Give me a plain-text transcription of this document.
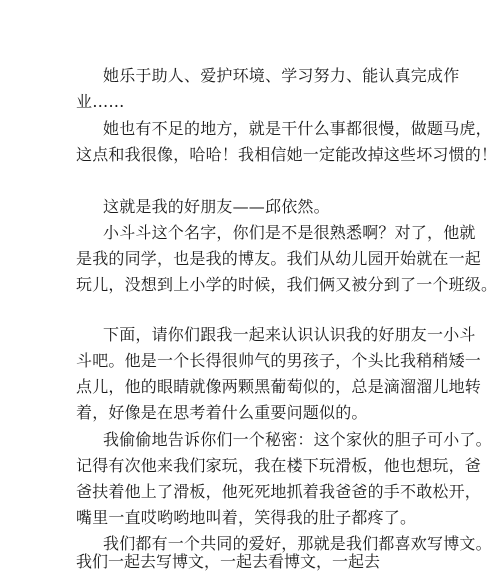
她乐于助人、爱护环境、学习努力、能认真完成作
业……
她也有不足的地方，就是干什么事都很慢，做题马虎，
这点和我很像，哈哈！我相信她一定能改掉这些坏习惯的！
这就是我的好朋友——邱依然。
小斗斗这个名字，你们是不是很熟悉啊？对了，他就
是我的同学，也是我的博友。我们从幼儿园开始就在一起
玩儿，没想到上小学的时候，我们俩又被分到了一个班级。
下面，请你们跟我一起来认识认识我的好朋友一小斗
斗吧。他是一个长得很帅气的男孩子，个头比我稍稍矮一
点儿，他的眼睛就像两颗黑葡萄似的，总是滴溜溜儿地转
着，好像是在思考着什么重要问题似的。
我偷偷地告诉你们一个秘密：这个家伙的胆子可小了。
记得有次他来我们家玩，我在楼下玩滑板，他也想玩，爸
爸扶着他上了滑板，他死死地抓着我爸爸的手不敢松开，
嘴里一直哎哟哟地叫着，笑得我的肚子都疼了。
我们都有一个共同的爱好，那就是我们都喜欢写博文。
我们一起去写博文，一起去看博文，一起去
